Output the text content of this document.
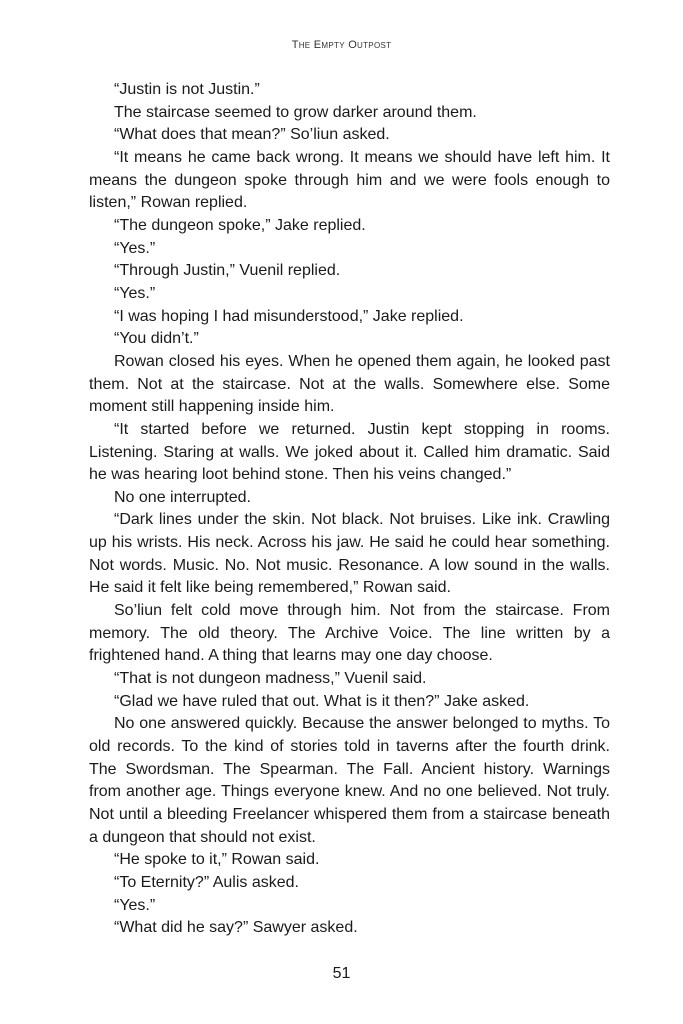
The Empty Outpost

“Justin is not Justin.”

The staircase seemed to grow darker around them.

“What does that mean?” So’liun asked.

“It means he came back wrong. It means we should have left him. It means the dungeon spoke through him and we were fools enough to listen,” Rowan replied.

“The dungeon spoke,” Jake replied.

“Yes.”

“Through Justin,” Vuenil replied.

“Yes.”

“I was hoping I had misunderstood,” Jake replied.

“You didn’t.”

Rowan closed his eyes. When he opened them again, he looked past them. Not at the staircase. Not at the walls. Somewhere else. Some moment still happening inside him.

“It started before we returned. Justin kept stopping in rooms. Listening. Staring at walls. We joked about it. Called him dramatic. Said he was hearing loot behind stone. Then his veins changed.”

No one interrupted.

“Dark lines under the skin. Not black. Not bruises. Like ink. Crawling up his wrists. His neck. Across his jaw. He said he could hear something. Not words. Music. No. Not music. Resonance. A low sound in the walls. He said it felt like being remembered,” Rowan said.

So’liun felt cold move through him. Not from the staircase. From memory. The old theory. The Archive Voice. The line written by a frightened hand. A thing that learns may one day choose.

“That is not dungeon madness,” Vuenil said.

“Glad we have ruled that out. What is it then?” Jake asked.

No one answered quickly. Because the answer belonged to myths. To old records. To the kind of stories told in taverns after the fourth drink. The Swordsman. The Spearman. The Fall. Ancient history. Warnings from another age. Things everyone knew. And no one believed. Not truly. Not until a bleeding Freelancer whispered them from a staircase beneath a dungeon that should not exist.

“He spoke to it,” Rowan said.

“To Eternity?” Aulis asked.

“Yes.”

“What did he say?” Sawyer asked.

51
